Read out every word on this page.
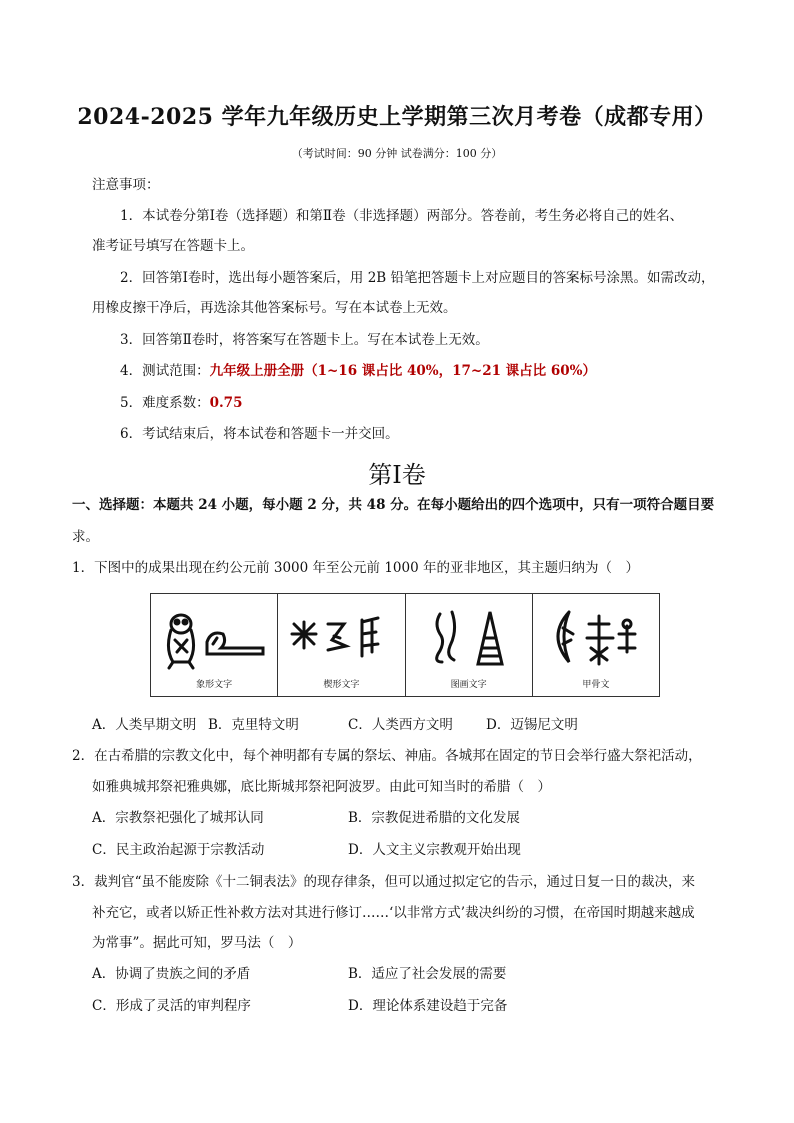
2024-2025 学年九年级历史上学期第三次月考卷（成都专用）
（考试时间：90 分钟 试卷满分：100 分）
注意事项：
1．本试卷分第Ⅰ卷（选择题）和第Ⅱ卷（非选择题）两部分。答卷前，考生务必将自己的姓名、
准考证号填写在答题卡上。
2．回答第Ⅰ卷时，选出每小题答案后，用 2B 铅笔把答题卡上对应题目的答案标号涂黑。如需改动，
用橡皮擦干净后，再选涂其他答案标号。写在本试卷上无效。
3．回答第Ⅱ卷时，将答案写在答题卡上。写在本试卷上无效。
4．测试范围：九年级上册全册（1~16 课占比 40%，17~21 课占比 60%）
5．难度系数：0.75
6．考试结束后，将本试卷和答题卡一并交回。
第Ⅰ卷
一、选择题：本题共 24 小题，每小题 2 分，共 48 分。在每小题给出的四个选项中，只有一项符合题目要
求。
1．下图中的成果出现在约公元前 3000 年至公元前 1000 年的亚非地区，其主题归纳为（　）
象形文字	楔形文字	图画文字	甲骨文
A．人类早期文明 B．克里特文明	C．人类西方文明 D．迈锡尼文明
2．在古希腊的宗教文化中，每个神明都有专属的祭坛、神庙。各城邦在固定的节日会举行盛大祭祀活动，
如雅典城邦祭祀雅典娜，底比斯城邦祭祀阿波罗。由此可知当时的希腊（　）
A．宗教祭祀强化了城邦认同	B．宗教促进希腊的文化发展
C．民主政治起源于宗教活动	D．人文主义宗教观开始出现
3．裁判官“虽不能废除《十二铜表法》的现存律条，但可以通过拟定它的告示，通过日复一日的裁决，来
补充它，或者以矫正性补救方法对其进行修订……‘以非常方式’裁决纠纷的习惯，在帝国时期越来越成
为常事”。据此可知，罗马法（　）
A．协调了贵族之间的矛盾	B．适应了社会发展的需要
C．形成了灵活的审判程序	D．理论体系建设趋于完备
